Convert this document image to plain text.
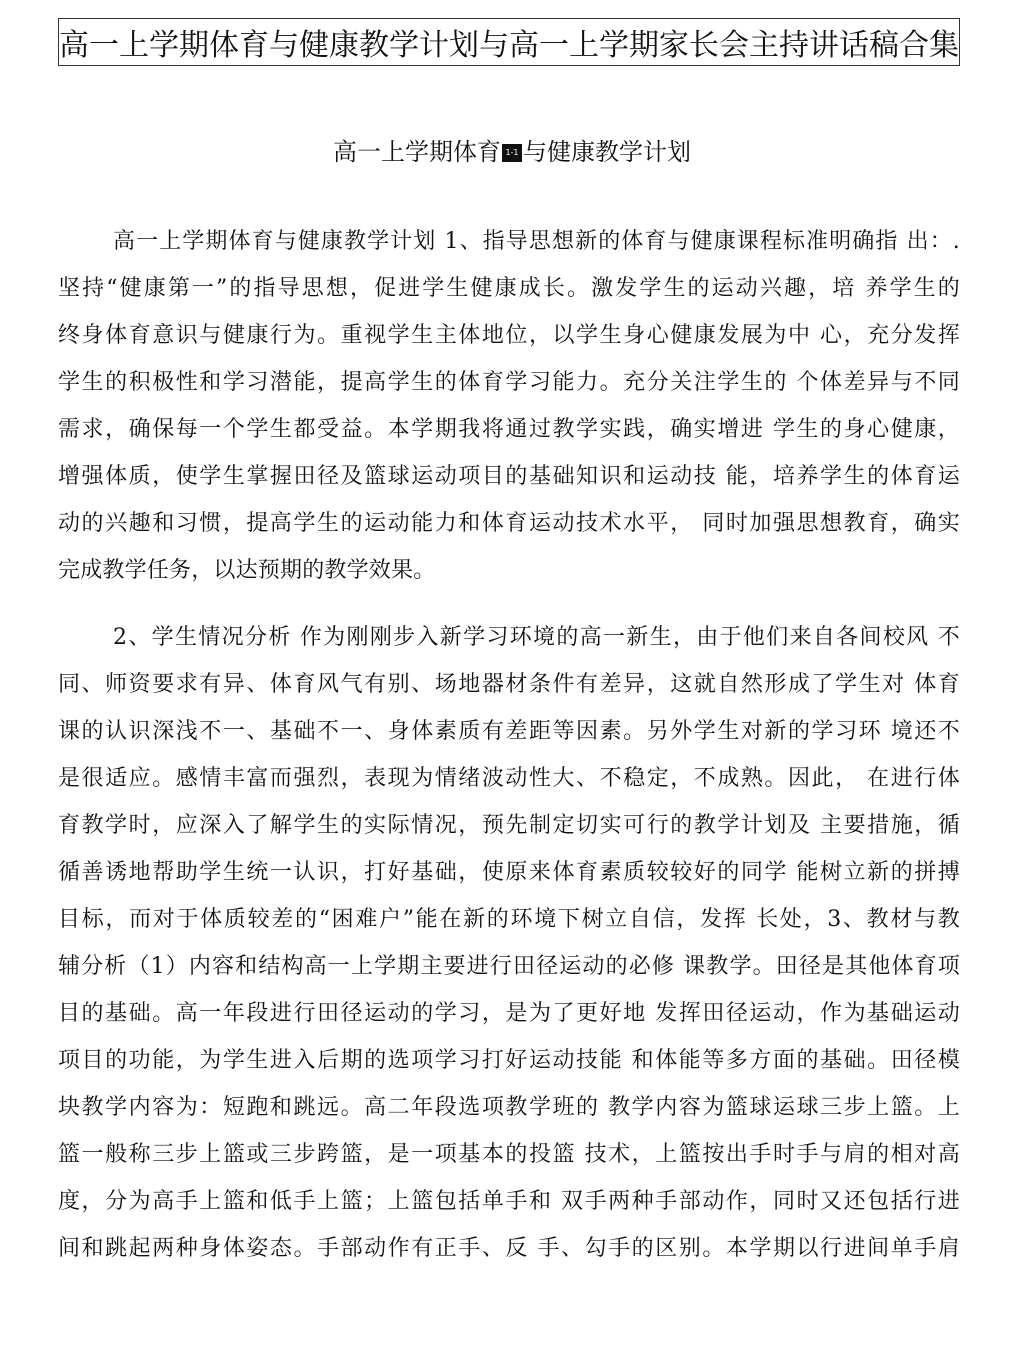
高一上学期体育与健康教学计划与高一上学期家长会主持讲话稿合集
高一上学期体育 1-1 与健康教学计划
高一上学期体育与健康教学计划 1、指导思想新的体育与健康课程标准明确指 出：.
坚持“健康第一”的指导思想，促进学生健康成长。激发学生的运动兴趣，培 养学生的
终身体育意识与健康行为。重视学生主体地位，以学生身心健康发展为中 心，充分发挥
学生的积极性和学习潜能，提高学生的体育学习能力。充分关注学生的 个体差异与不同
需求，确保每一个学生都受益。本学期我将通过教学实践，确实增进 学生的身心健康，
增强体质，使学生掌握田径及篮球运动项目的基础知识和运动技 能，培养学生的体育运
动的兴趣和习惯，提高学生的运动能力和体育运动技术水平， 同时加强思想教育，确实
完成教学任务，以达预期的教学效果。
2、学生情况分析 作为刚刚步入新学习环境的高一新生，由于他们来自各间校风 不
同、师资要求有异、体育风气有别、场地器材条件有差异，这就自然形成了学生对 体育
课的认识深浅不一、基础不一、身体素质有差距等因素。另外学生对新的学习环 境还不
是很适应。感情丰富而强烈，表现为情绪波动性大、不稳定，不成熟。因此， 在进行体
育教学时，应深入了解学生的实际情况，预先制定切实可行的教学计划及 主要措施，循
循善诱地帮助学生统一认识，打好基础，使原来体育素质较较好的同学 能树立新的拼搏
目标，而对于体质较差的“困难户”能在新的环境下树立自信，发挥 长处，3、教材与教
辅分析（1）内容和结构高一上学期主要进行田径运动的必修 课教学。田径是其他体育项
目的基础。高一年段进行田径运动的学习，是为了更好地 发挥田径运动，作为基础运动
项目的功能，为学生进入后期的选项学习打好运动技能 和体能等多方面的基础。田径模
块教学内容为：短跑和跳远。高二年段选项教学班的 教学内容为篮球运球三步上篮。上
篮一般称三步上篮或三步跨篮，是一项基本的投篮 技术，上篮按出手时手与肩的相对高
度，分为高手上篮和低手上篮；上篮包括单手和 双手两种手部动作，同时又还包括行进
间和跳起两种身体姿态。手部动作有正手、反 手、勾手的区别。本学期以行进间单手肩
